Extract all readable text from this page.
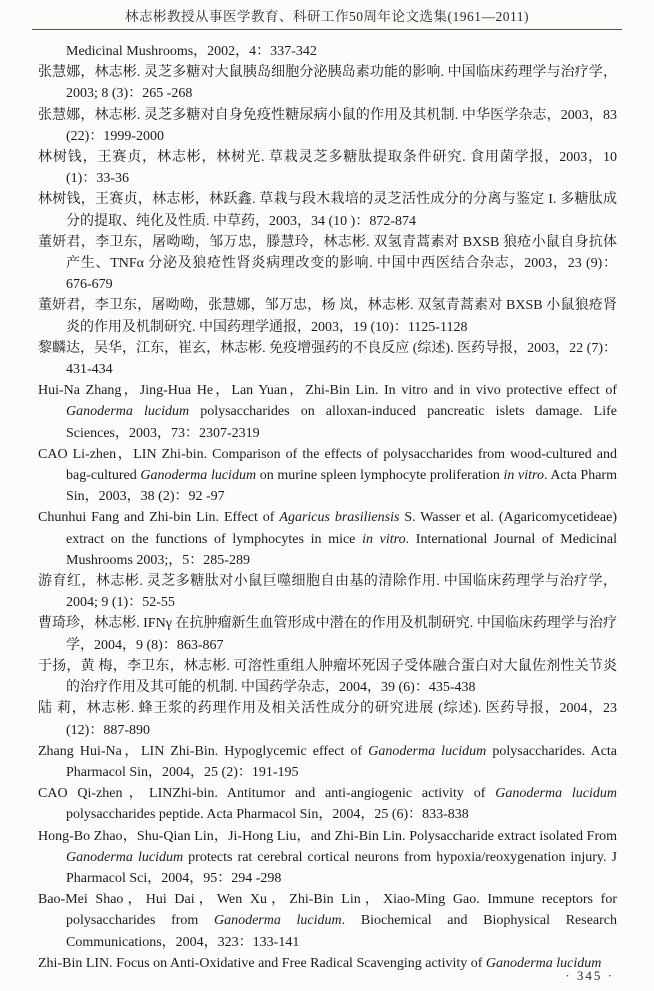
林志彬教授从事医学教育、科研工作50周年论文选集(1961—2011)

Medicinal Mushrooms，2002，4：337-342

张慧娜，林志彬. 灵芝多糖对大鼠胰岛细胞分泌胰岛素功能的影响. 中国临床药理学与治疗学，2003; 8 (3)：265 -268

张慧娜，林志彬. 灵芝多糖对自身免疫性糖尿病小鼠的作用及其机制. 中华医学杂志，2003，83 (22)：1999-2000

林树钱，王赛贞，林志彬，林树光. 草栽灵芝多糖肽提取条件研究. 食用菌学报，2003，10 (1)：33-36

林树钱，王赛贞，林志彬，林跃鑫. 草栽与段木栽培的灵芝活性成分的分离与鉴定 I. 多糖肽成分的提取、纯化及性质. 中草药，2003，34 (10 )：872-874

董妍君，李卫东，屠呦呦，邹万忠，滕慧玲，林志彬. 双氢青蒿素对 BXSB 狼疮小鼠自身抗体产生、TNFα 分泌及狼疮性肾炎病理改变的影响. 中国中西医结合杂志，2003，23 (9)：676-679

董妍君，李卫东，屠呦呦，张慧娜，邹万忠，杨 岚，林志彬. 双氢青蒿素对 BXSB 小鼠狼疮肾炎的作用及机制研究. 中国药理学通报，2003，19 (10)：1125-1128

黎麟达，吴华，江东，崔玄，林志彬. 免疫增强药的不良反应 (综述). 医药导报，2003，22 (7)：431-434

Hui-Na Zhang，Jing-Hua He，Lan Yuan，Zhi-Bin Lin. In vitro and in vivo protective effect of Ganoderma lucidum polysaccharides on alloxan-induced pancreatic islets damage. Life Sciences，2003，73：2307-2319

CAO Li-zhen，LIN Zhi-bin. Comparison of the effects of polysaccharides from wood-cultured and bag-cultured Ganoderma lucidum on murine spleen lymphocyte proliferation in vitro. Acta Pharm Sin，2003，38 (2)：92 -97

Chunhui Fang and Zhi-bin Lin. Effect of Agaricus brasiliensis S. Wasser et al. (Agaricomycetideae) extract on the functions of lymphocytes in mice in vitro. International Journal of Medicinal Mushrooms 2003;，5：285-289

游育红，林志彬. 灵芝多糖肽对小鼠巨噬细胞自由基的清除作用. 中国临床药理学与治疗学，2004; 9 (1)：52-55

曹琦珍，林志彬. IFNγ 在抗肿瘤新生血管形成中潜在的作用及机制研究. 中国临床药理学与治疗学，2004，9 (8)：863-867

于扬，黄 梅，李卫东，林志彬. 可溶性重组人肿瘤坏死因子受体融合蛋白对大鼠佐剂性关节炎的治疗作用及其可能的机制. 中国药学杂志，2004，39 (6)：435-438

陆 莉，林志彬. 蜂王浆的药理作用及相关活性成分的研究进展 (综述). 医药导报，2004，23 (12)：887-890

Zhang Hui-Na，LIN Zhi-Bin. Hypoglycemic effect of Ganoderma lucidum polysaccharides. Acta Pharmacol Sin，2004，25 (2)：191-195

CAO Qi-zhen，LINZhi-bin. Antitumor and anti-angiogenic activity of Ganoderma lucidum polysaccharides peptide. Acta Pharmacol Sin，2004，25 (6)：833-838

Hong-Bo Zhao，Shu-Qian Lin，Ji-Hong Liu，and Zhi-Bin Lin. Polysaccharide extract isolated From Ganoderma lucidum protects rat cerebral cortical neurons from hypoxia/reoxygenation injury. J Pharmacol Sci，2004，95：294 -298

Bao-Mei Shao，Hui Dai，Wen Xu，Zhi-Bin Lin，Xiao-Ming Gao. Immune receptors for polysaccharides from Ganoderma lucidum. Biochemical and Biophysical Research Communications，2004，323：133-141

Zhi-Bin LIN. Focus on Anti-Oxidative and Free Radical Scavenging activity of Ganoderma lucidum

· 345 ·
